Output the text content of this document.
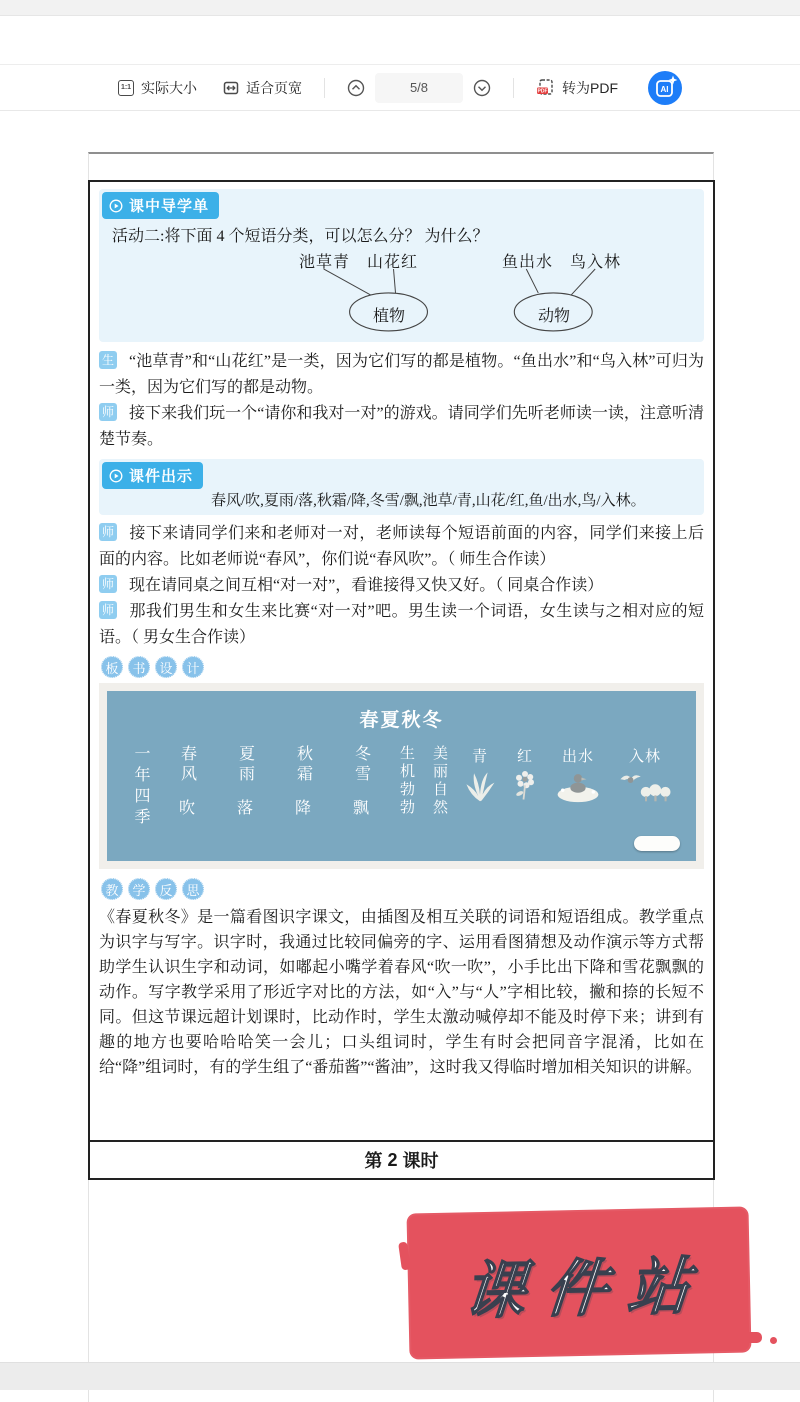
1:1 实际大小	适合页宽	5/8	PDF 转为PDF	AI
课中导学单
活动二:将下面 4 个短语分类，可以怎么分？ 为什么？
池草青 山花红	鱼出水 鸟入林
植物	动物

生 “池草青”和“山花红”是一类，因为它们写的都是植物。“鱼出水”和“鸟入林”可归为一类，因为它们写的都是动物。

师 接下来我们玩一个“请你和我对一对”的游戏。请同学们先听老师读一读，注意听清楚节奏。

课件出示
春风/吹,夏雨/落,秋霜/降,冬雪/飘,池草/青,山花/红,鱼/出水,鸟/入林。

师 接下来请同学们来和老师对一对，老师读每个短语前面的内容，同学们来接上后面的内容。比如老师说“春风”，你们说“春风吹”。（ 师生合作读）

师 现在请同桌之间互相“对一对”，看谁接得又快又好。（ 同桌合作读）

师 那我们男生和女生来比赛“对一对”吧。男生读一个词语，女生读与之相对应的短语。（ 男女生合作读）

板	书	设	计
春夏秋冬
一年四季 春风
吹
夏雨
落
秋霜
降
冬雪
飘 生机勃勃 美丽自然 青 红 出水 入林
教	学	反	思

《春夏秋冬》是一篇看图识字课文，由插图及相互关联的词语和短语组成。教学重点为识字与写字。识字时，我通过比较同偏旁的字、运用看图猜想及动作演示等方式帮助学生认识生字和动词，如嘟起小嘴学着春风“吹一吹”，小手比出下降和雪花飘飘的动作。写字教学采用了形近字对比的方法，如“入”与“人”字相比较，撇和捺的长短不同。但这节课远超计划课时，比动作时，学生太激动喊停却不能及时停下来；讲到有趣的地方也要哈哈哈笑一会儿；口头组词时，学生有时会把同音字混淆，比如在给“降”组词时，有的学生组了“番茄酱”“酱油”，这时我又得临时增加相关知识的讲解。

第 2 课时
课件站
